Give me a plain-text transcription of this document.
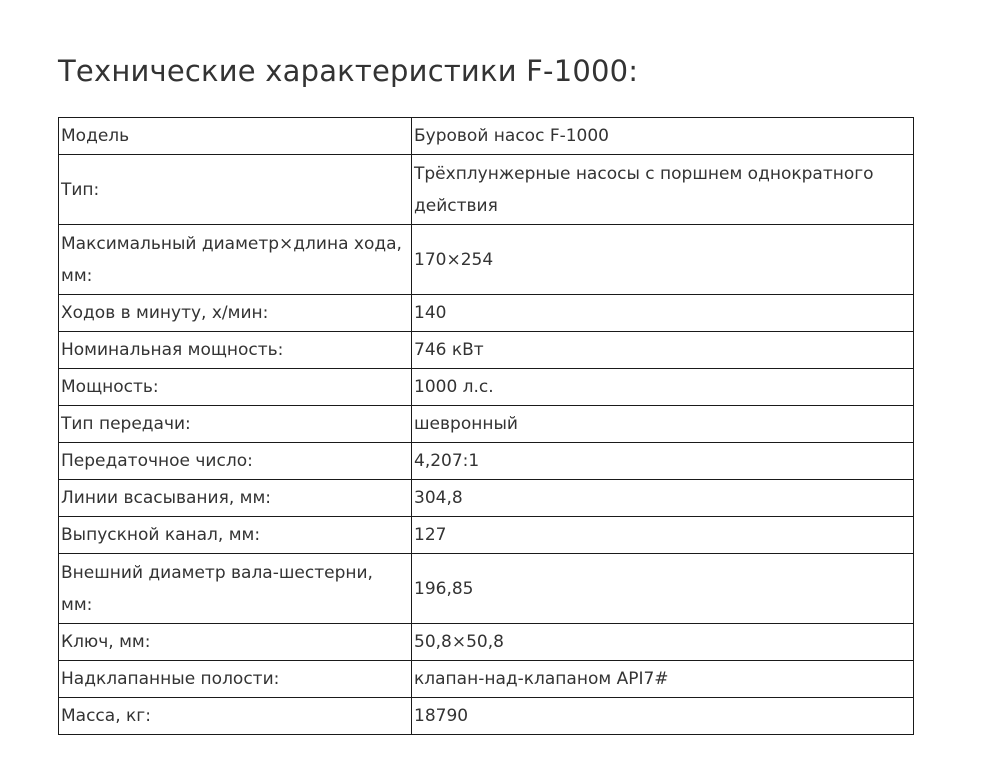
Технические характеристики F-1000:
Модель	Буровой насос F-1000
Тип:	Трёхплунжерные насосы с поршнем однократного действия
Максимальный диаметр×длина хода, мм:	170×254
Ходов в минуту, х/мин:	140
Номинальная мощность:	746 кВт
Мощность:	1000 л.с.
Тип передачи:	шевронный
Передаточное число:	4,207:1
Линии всасывания, мм:	304,8
Выпускной канал, мм:	127
Внешний диаметр вала-шестерни, мм:	196,85
Ключ, мм:	50,8×50,8
Надклапанные полости:	клапан-над-клапаном API7#
Масса, кг:	18790
